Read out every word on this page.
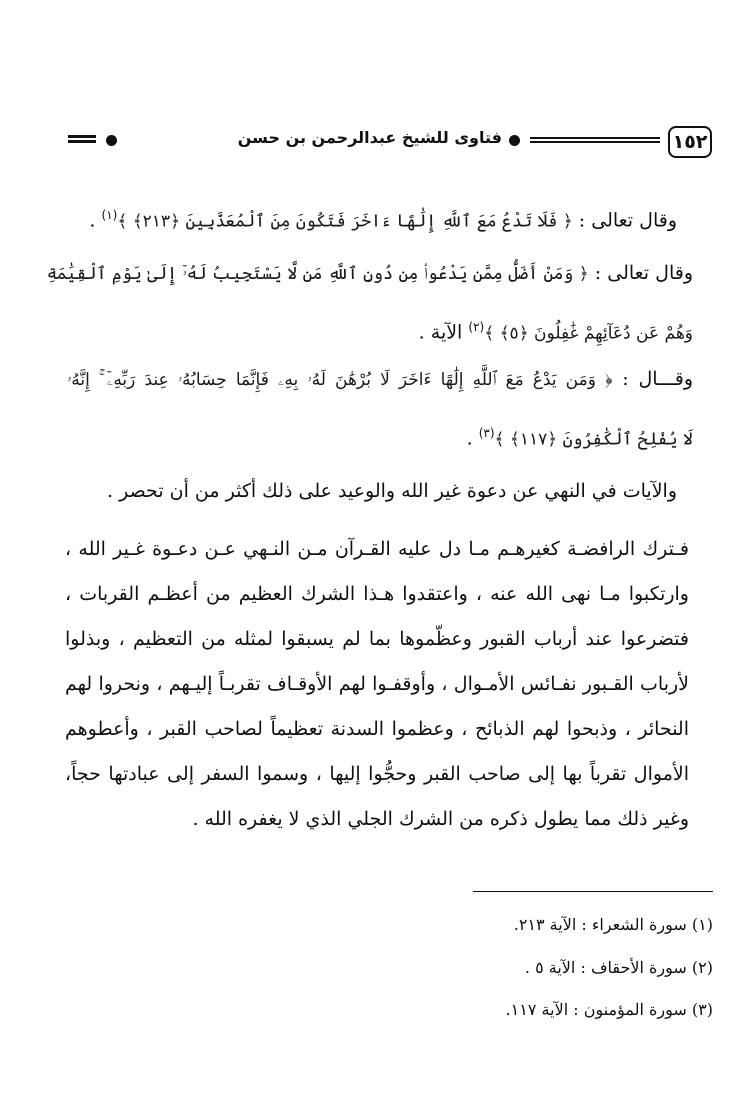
١٥٢
فتاوى للشيخ عبدالرحمن بن حسن
وقال تعالى : ﴿ فَلَا تَدْعُ مَعَ ٱللَّهِ إِلَٰهًا ءَاخَرَ فَتَكُونَ مِنَ ٱلْمُعَذَّبِينَ ﴿٢١٣﴾ ﴾$^{(١)}$ .
وقال تعالى : ﴿ وَمَنْ أَضَلُّ مِمَّن يَدْعُوا۟ مِن دُونِ ٱللَّهِ مَن لَّا يَسْتَجِيبُ لَهُۥٓ إِلَىٰ يَوْمِ ٱلْقِيَٰمَةِ
وَهُمْ عَن دُعَآئِهِمْ غَٰفِلُونَ ﴿٥﴾ ﴾$^{(٢)}$ الآية .
وقـــال : ﴿ وَمَن يَدْعُ مَعَ ٱللَّهِ إِلَٰهًا ءَاخَرَ لَا بُرْهَٰنَ لَهُۥ بِهِۦ فَإِنَّمَا حِسَابُهُۥ عِندَ رَبِّهِۦٓ ۚ إِنَّهُۥ
لَا يُفْلِحُ ٱلْكَٰفِرُونَ ﴿١١٧﴾ ﴾$^{(٣)}$ .
والآيات في النهي عن دعوة غير الله والوعيد على ذلك أكثر من أن تحصر .
فـترك الرافضـة كغيرهـم مـا دل عليه القـرآن مـن النـهي عـن دعـوة غـير الله ،
وارتكبوا مـا نهى الله عنه ، واعتقدوا هـذا الشرك العظيم من أعظـم القربات ،
فتضرعوا عند أرباب القبور وعظّموها بما لم يسبقوا لمثله من التعظيم ، وبذلوا
لأرباب القـبور نفـائس الأمـوال ، وأوقفـوا لهم الأوقـاف تقربـاً إليـهم ، ونحروا لهم
النحائر ، وذبحوا لهم الذبائح ، وعظموا السدنة تعظيماً لصاحب القبر ، وأعطوهم
الأموال تقرباً بها إلى صاحب القبر وحجُّوا إليها ، وسموا السفر إلى عبادتها حجاً،
وغير ذلك مما يطول ذكره من الشرك الجلي الذي لا يغفره الله .
(١) سورة الشعراء : الآية ٢١٣.
(٢) سورة الأحقاف : الآية ٥ .
(٣) سورة المؤمنون : الآية ١١٧.
